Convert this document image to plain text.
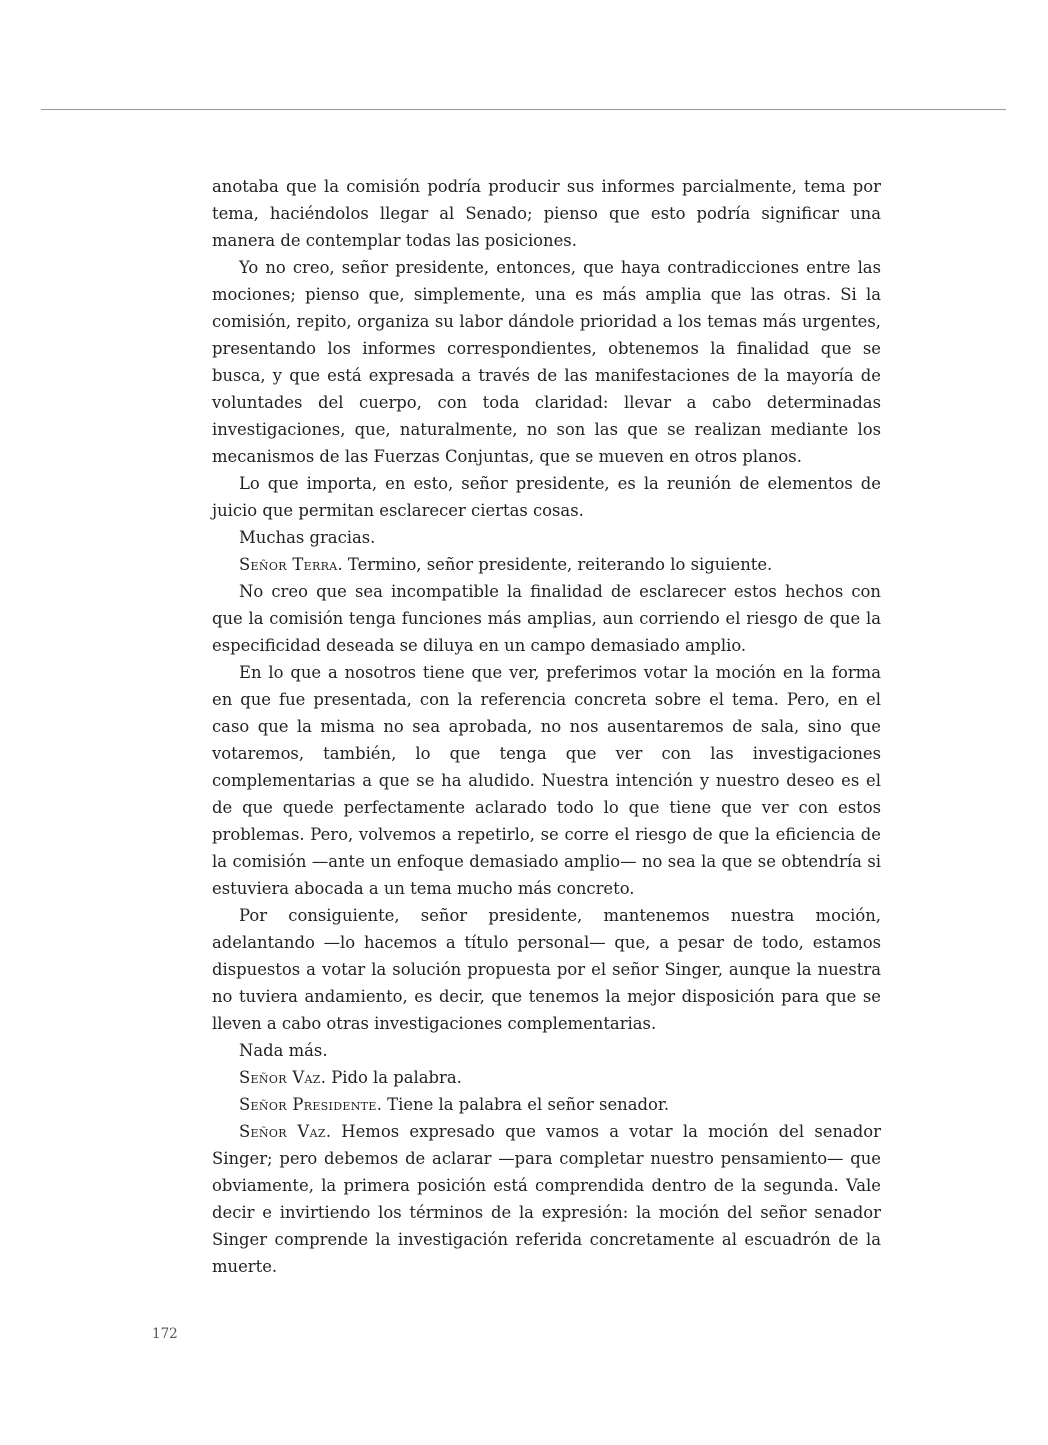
anotaba que la comisión podría producir sus informes parcialmente, tema por tema, haciéndolos llegar al Senado; pienso que esto podría significar una manera de contemplar todas las posiciones.

Yo no creo, señor presidente, entonces, que haya contradicciones entre las mociones; pienso que, simplemente, una es más amplia que las otras. Si la comisión, repito, organiza su labor dándole prioridad a los temas más urgentes, presentando los informes correspondientes, obtenemos la finalidad que se busca, y que está expresada a través de las manifestaciones de la mayoría de voluntades del cuerpo, con toda claridad: llevar a cabo determinadas investigaciones, que, naturalmente, no son las que se realizan mediante los mecanismos de las Fuerzas Conjuntas, que se mueven en otros planos.

Lo que importa, en esto, señor presidente, es la reunión de elementos de juicio que permitan esclarecer ciertas cosas.

Muchas gracias.

Señor Terra. Termino, señor presidente, reiterando lo siguiente.

No creo que sea incompatible la finalidad de esclarecer estos hechos con que la comisión tenga funciones más amplias, aun corriendo el riesgo de que la especificidad deseada se diluya en un campo demasiado amplio.

En lo que a nosotros tiene que ver, preferimos votar la moción en la forma en que fue presentada, con la referencia concreta sobre el tema. Pero, en el caso que la misma no sea aprobada, no nos ausentaremos de sala, sino que votaremos, también, lo que tenga que ver con las investigaciones complementarias a que se ha aludido. Nuestra intención y nuestro deseo es el de que quede perfectamente aclarado todo lo que tiene que ver con estos problemas. Pero, volvemos a repetirlo, se corre el riesgo de que la eficiencia de la comisión —ante un enfoque demasiado amplio— no sea la que se obtendría si estuviera abocada a un tema mucho más concreto.

Por consiguiente, señor presidente, mantenemos nuestra moción, adelantando —lo hacemos a título personal— que, a pesar de todo, estamos dispuestos a votar la solución propuesta por el señor Singer, aunque la nuestra no tuviera andamiento, es decir, que tenemos la mejor disposición para que se lleven a cabo otras investigaciones complementarias.

Nada más.

Señor Vaz. Pido la palabra.

Señor Presidente. Tiene la palabra el señor senador.

Señor Vaz. Hemos expresado que vamos a votar la moción del senador Singer; pero debemos de aclarar —para completar nuestro pensamiento— que obviamente, la primera posición está comprendida dentro de la segunda. Vale decir e invirtiendo los términos de la expresión: la moción del señor senador Singer comprende la investigación referida concretamente al escuadrón de la muerte.

172
